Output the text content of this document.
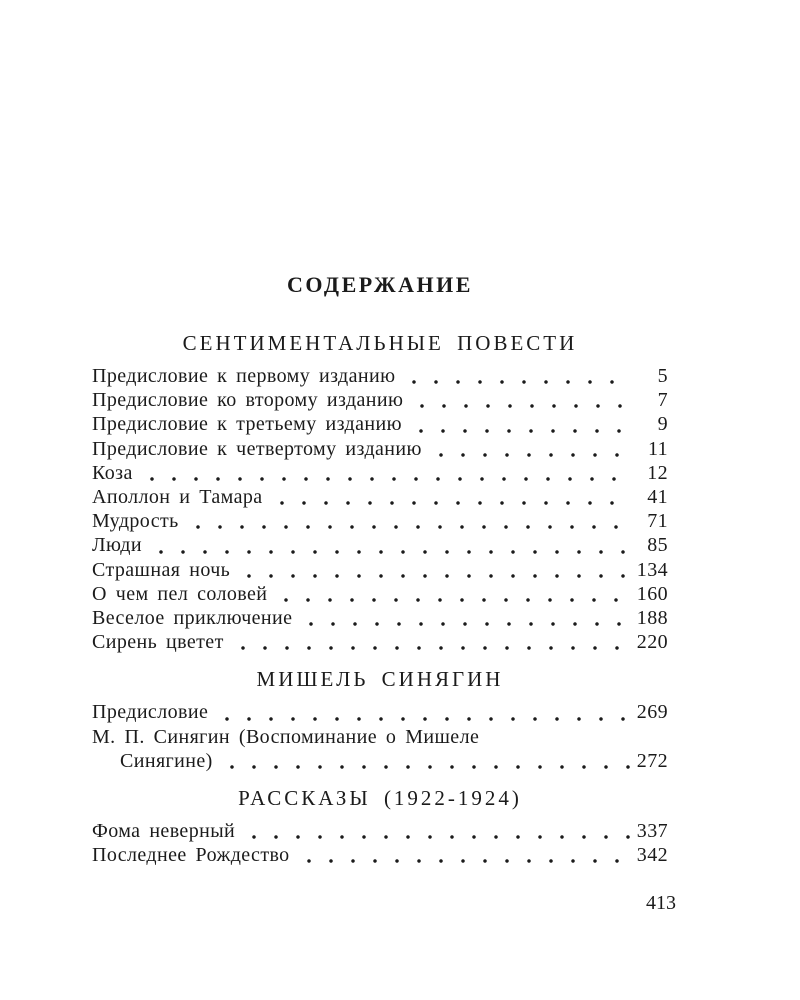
СОДЕРЖАНИЕ
СЕНТИМЕНТАЛЬНЫЕ ПОВЕСТИ
Предисловие к первому изданию	5
Предисловие ко второму изданию	7
Предисловие к третьему изданию	9
Предисловие к четвертому изданию	11
Коза	12
Аполлон и Тамара	41
Мудрость	71
Люди	85
Страшная ночь	134
О чем пел соловей	160
Веселое приключение	188
Сирень цветет	220
МИШЕЛЬ СИНЯГИН
Предисловие	269
М. П. Синягин (Воспоминание о Мишеле
Синягине)	272
РАССКАЗЫ (1922-1924)
Фома неверный	337
Последнее Рождество	342
413
